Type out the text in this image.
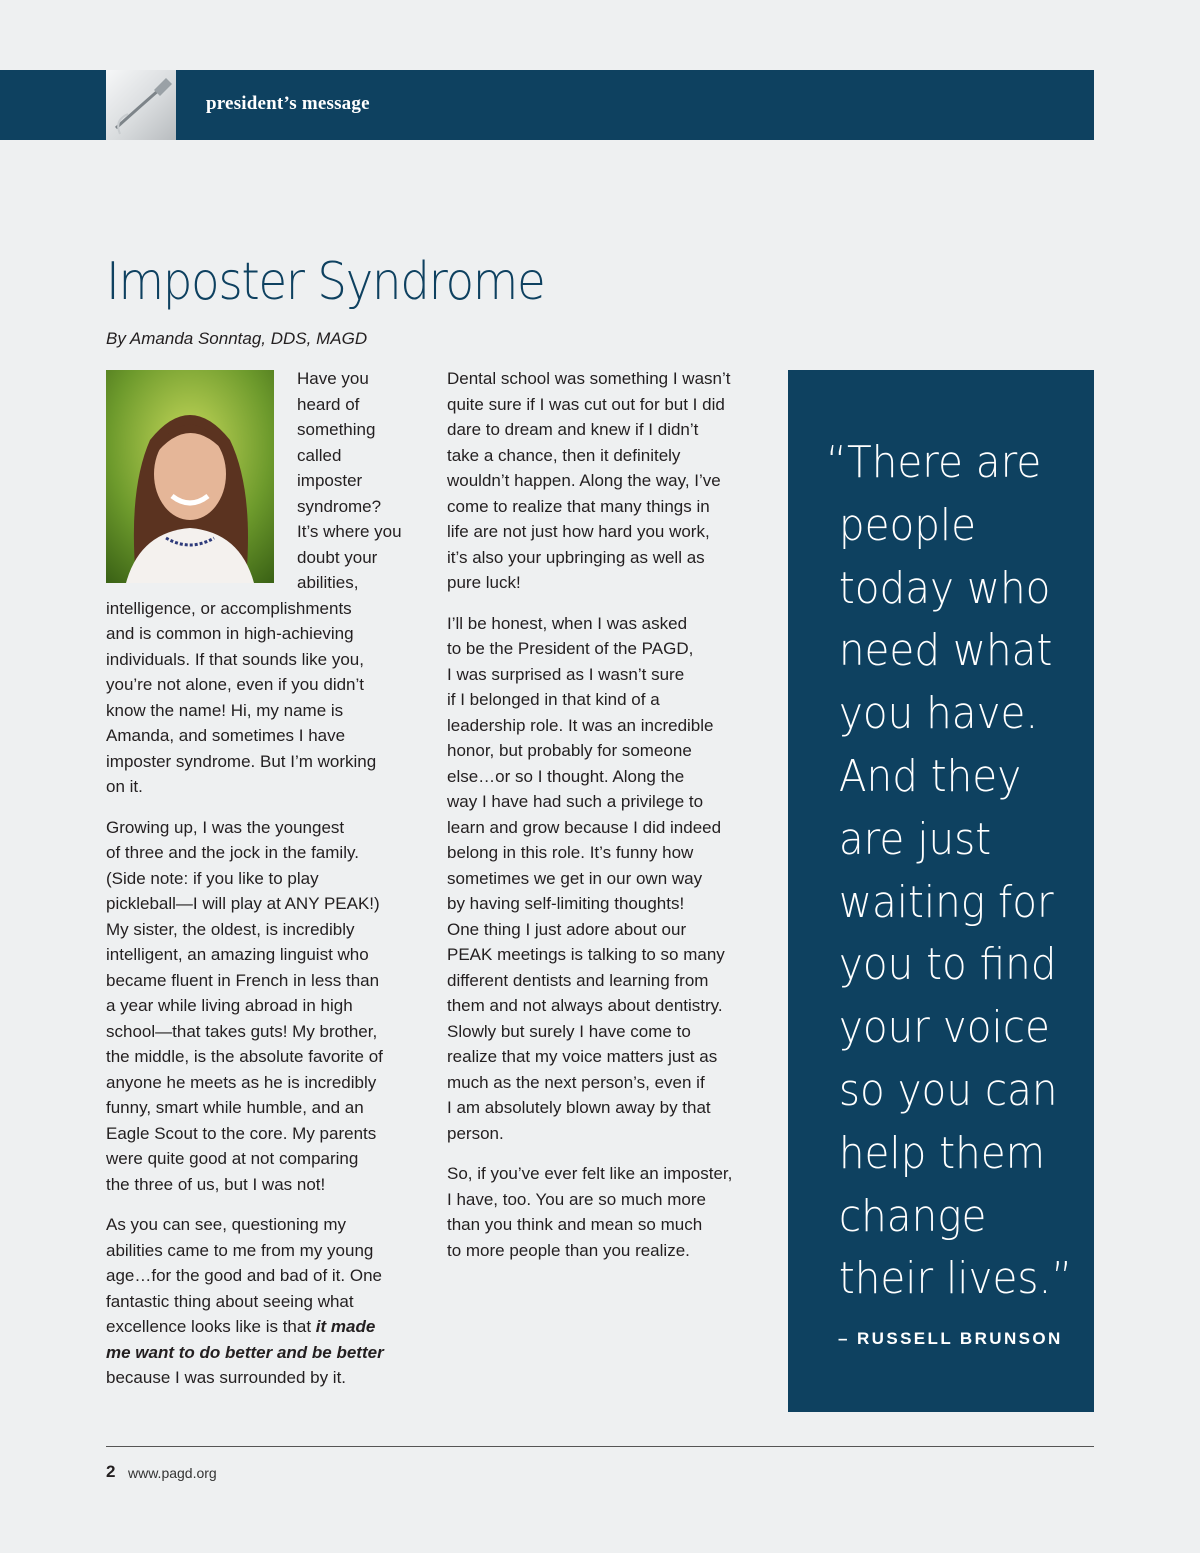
president’s message
Imposter Syndrome
By Amanda Sonntag, DDS, MAGD
Have you
heard of
something
called
imposter
syndrome?
It’s where you
doubt your
abilities,
intelligence, or accomplishments
and is common in high-achieving
individuals. If that sounds like you,
you’re not alone, even if you didn’t
know the name! Hi, my name is
Amanda, and sometimes I have
imposter syndrome. But I’m working
on it.
Growing up, I was the youngest
of three and the jock in the family.
(Side note: if you like to play
pickleball—I will play at ANY PEAK!)
My sister, the oldest, is incredibly
intelligent, an amazing linguist who
became fluent in French in less than
a year while living abroad in high
school—that takes guts! My brother,
the middle, is the absolute favorite of
anyone he meets as he is incredibly
funny, smart while humble, and an
Eagle Scout to the core. My parents
were quite good at not comparing
the three of us, but I was not!
As you can see, questioning my
abilities came to me from my young
age…for the good and bad of it. One
fantastic thing about seeing what
excellence looks like is that it made
me want to do better and be better
because I was surrounded by it.
Dental school was something I wasn’t
quite sure if I was cut out for but I did
dare to dream and knew if I didn’t
take a chance, then it definitely
wouldn’t happen. Along the way, I’ve
come to realize that many things in
life are not just how hard you work,
it’s also your upbringing as well as
pure luck!
I’ll be honest, when I was asked
to be the President of the PAGD,
I was surprised as I wasn’t sure
if I belonged in that kind of a
leadership role. It was an incredible
honor, but probably for someone
else…or so I thought. Along the
way I have had such a privilege to
learn and grow because I did indeed
belong in this role. It’s funny how
sometimes we get in our own way
by having self-limiting thoughts!
One thing I just adore about our
PEAK meetings is talking to so many
different dentists and learning from
them and not always about dentistry.
Slowly but surely I have come to
realize that my voice matters just as
much as the next person’s, even if
I am absolutely blown away by that
person.
So, if you’ve ever felt like an imposter,
I have, too. You are so much more
than you think and mean so much
to more people than you realize.
“There are
people
today who
need what
you have.
And they
are just
waiting for
you to find
your voice
so you can
help them
change
their lives.”
– RUSSELL BRUNSON
2 www.pagd.org
